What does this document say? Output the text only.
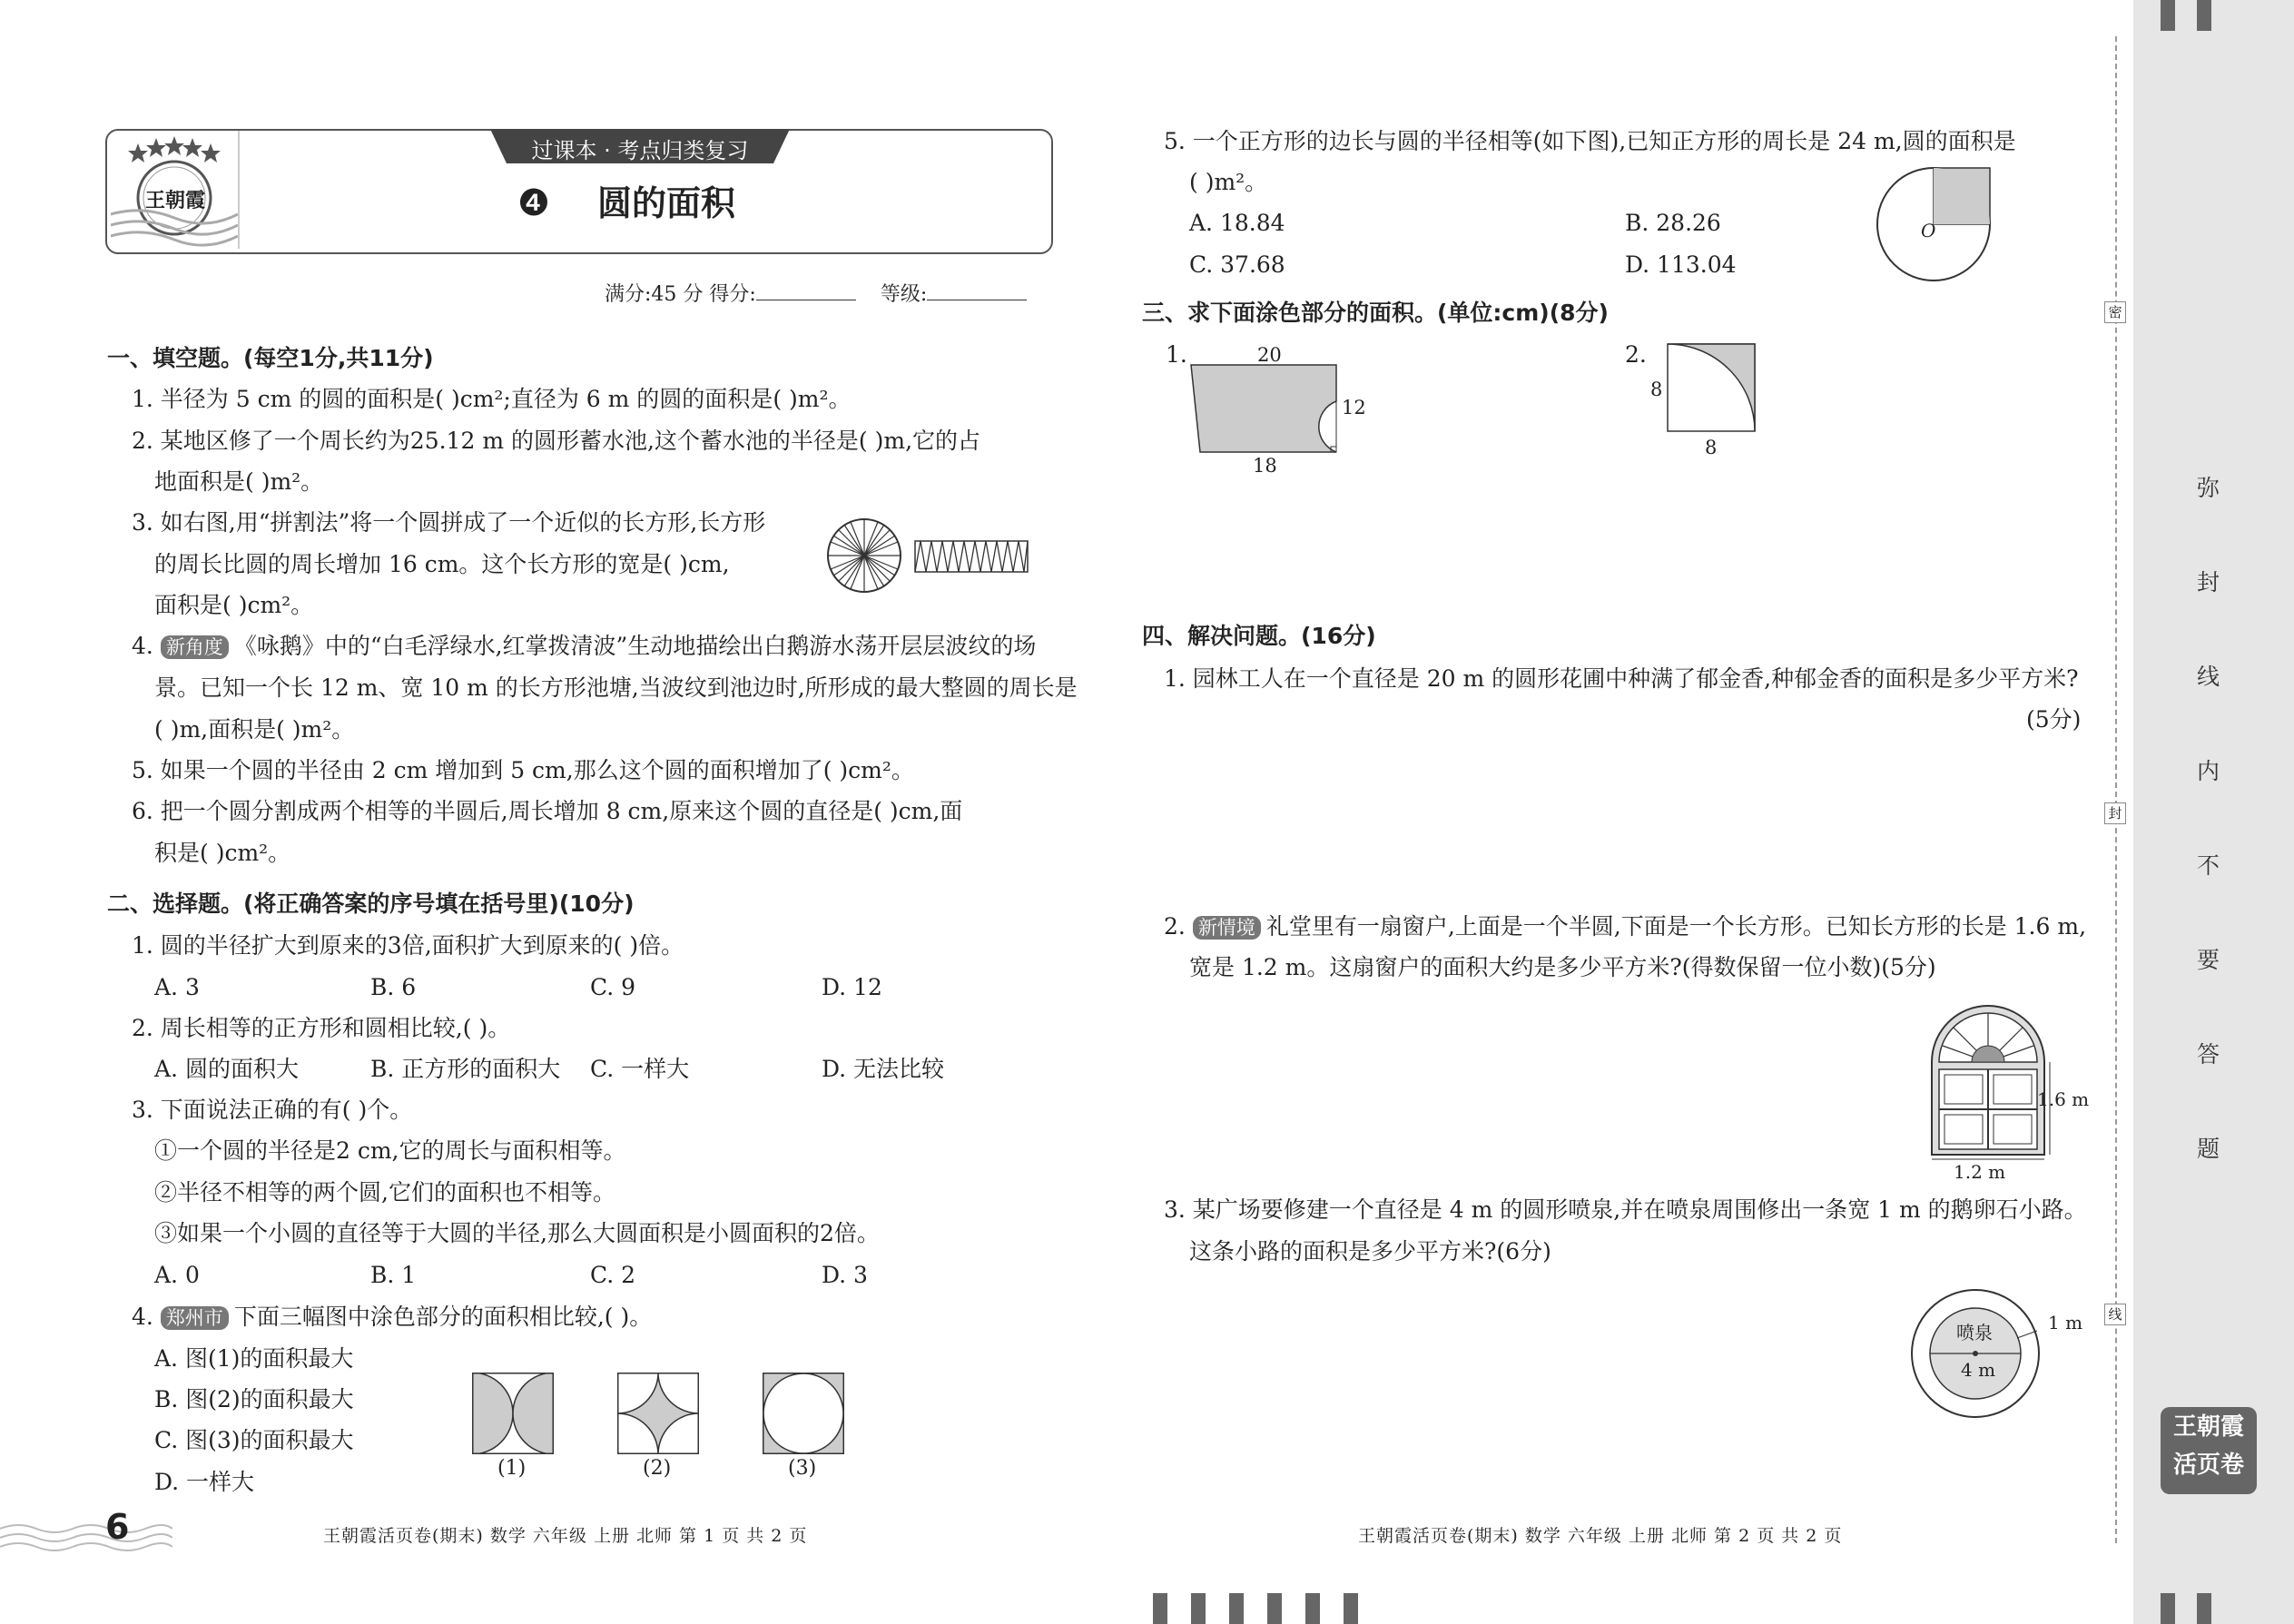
王朝霞
过课本 · 考点归类复习
❹ 圆的面积
满分:45 分 得分:	等级:
一、填空题。(每空1分,共11分)
1. 半径为 5 cm 的圆的面积是( )cm²;直径为 6 m 的圆的面积是( )m²。
2. 某地区修了一个周长约为25.12 m 的圆形蓄水池,这个蓄水池的半径是( )m,它的占
地面积是( )m²。
3. 如右图,用“拼割法”将一个圆拼成了一个近似的长方形,长方形
的周长比圆的周长增加 16 cm。这个长方形的宽是( )cm,
面积是( )cm²。
4. 新角度 《咏鹅》中的“白毛浮绿水,红掌拨清波”生动地描绘出白鹅游水荡开层层波纹的场
景。已知一个长 12 m、宽 10 m 的长方形池塘,当波纹到池边时,所形成的最大整圆的周长是
( )m,面积是( )m²。
5. 如果一个圆的半径由 2 cm 增加到 5 cm,那么这个圆的面积增加了( )cm²。
6. 把一个圆分割成两个相等的半圆后,周长增加 8 cm,原来这个圆的直径是( )cm,面
积是( )cm²。
二、选择题。(将正确答案的序号填在括号里)(10分)
1. 圆的半径扩大到原来的3倍,面积扩大到原来的( )倍。
A. 3	B. 6	C. 9	D. 12
2. 周长相等的正方形和圆相比较,( )。
A. 圆的面积大	B. 正方形的面积大 C. 一样大	D. 无法比较
3. 下面说法正确的有( )个。
①一个圆的半径是2 cm,它的周长与面积相等。
②半径不相等的两个圆,它们的面积也不相等。
③如果一个小圆的直径等于大圆的半径,那么大圆面积是小圆面积的2倍。
A. 0	B. 1	C. 2	D. 3
4. 郑州市 下面三幅图中涂色部分的面积相比较,( )。
A. 图(1)的面积最大
B. 图(2)的面积最大
C. 图(3)的面积最大
D. 一样大
(1)	(2)	(3)
5. 一个正方形的边长与圆的半径相等(如下图),已知正方形的周长是 24 m,圆的面积是
( )m²。
A. 18.84	B. 28.26
C. 37.68	D. 113.04
O
三、求下面涂色部分的面积。(单位:cm)(8分)
1.	20
12
18
2.
8
8
四、解决问题。(16分)
1. 园林工人在一个直径是 20 m 的圆形花圃中种满了郁金香,种郁金香的面积是多少平方米?
(5分)
2. 新情境 礼堂里有一扇窗户,上面是一个半圆,下面是一个长方形。已知长方形的长是 1.6 m,
宽是 1.2 m。这扇窗户的面积大约是多少平方米?(得数保留一位小数)(5分)
1.6 m
1.2 m
3. 某广场要修建一个直径是 4 m 的圆形喷泉,并在喷泉周围修出一条宽 1 m 的鹅卵石小路。
这条小路的面积是多少平方米?(6分)
喷泉
4 m
1 m
6	王朝霞活页卷(期末) 数学 六年级 上册 北师 第 1 页 共 2 页	王朝霞活页卷(期末) 数学 六年级 上册 北师 第 2 页 共 2 页
密
封
线
弥
封
线
内
不
要
答
题
王朝霞
活页卷
